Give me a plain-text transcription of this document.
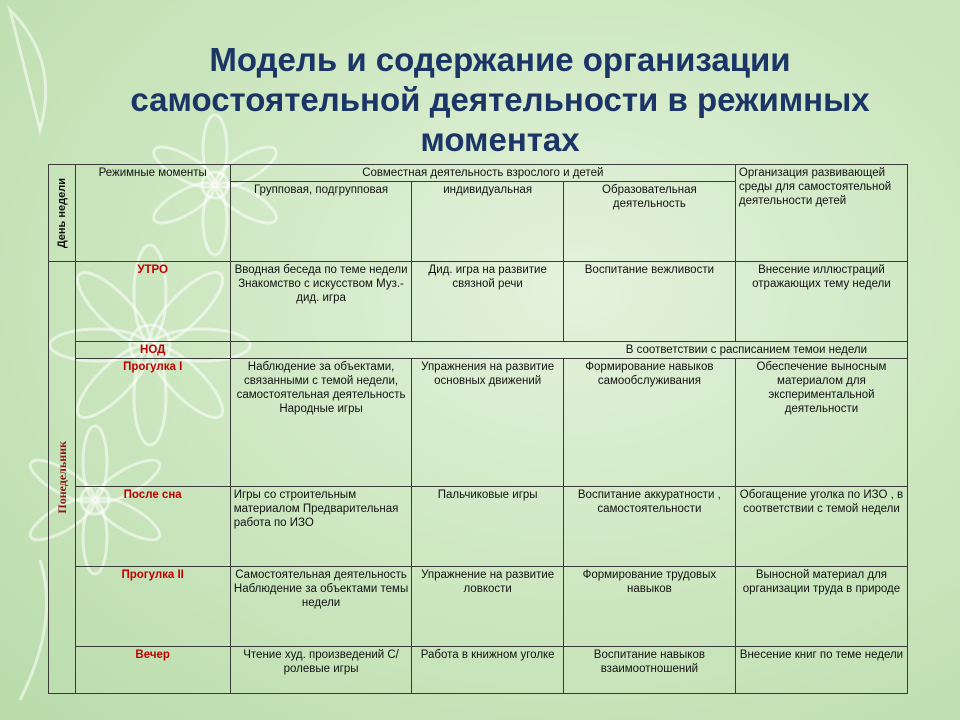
Модель и содержание организации самостоятельной деятельности в режимных моментах
День недели	Режимные моменты	Совместная деятельность взрослого и детей			Организация развивающей среды для самостоятельной деятельности детей
		Групповая, подгрупповая	индивидуальная	Образовательная деятельность	

Понедельник	УТРО	Вводная беседа по теме недели Знакомство с искусством Муз.- дид. игра	Дид. игра на развитие связной речи	Воспитание вежливости	Внесение иллюстраций отражающих тему недели
	НОД	В соответствии с расписанием темои недели			
	Прогулка I	Наблюдение за объектами, связанными с темой недели, самостоятельная деятельность Народные игры	Упражнения на развитие основных движений	Формирование навыков самообслуживания	Обеспечение выносным материалом для экспериментальной деятельности
	После сна	Игры со строительным материалом Предварительная работа по ИЗО	Пальчиковые игры	Воспитание аккуратности , самостоятельности	Обогащение уголка по ИЗО , в соответствии с темой недели
	Прогулка II	Самостоятельная деятельность Наблюдение за объектами темы недели	Упражнение на развитие ловкости	Формирование трудовых навыков	Выносной материал для организации труда в природе
	Вечер	Чтение худ. произведений С/ролевые игры	Работа в книжном уголке	Воспитание навыков взаимоотношений	Внесение книг по теме недели
